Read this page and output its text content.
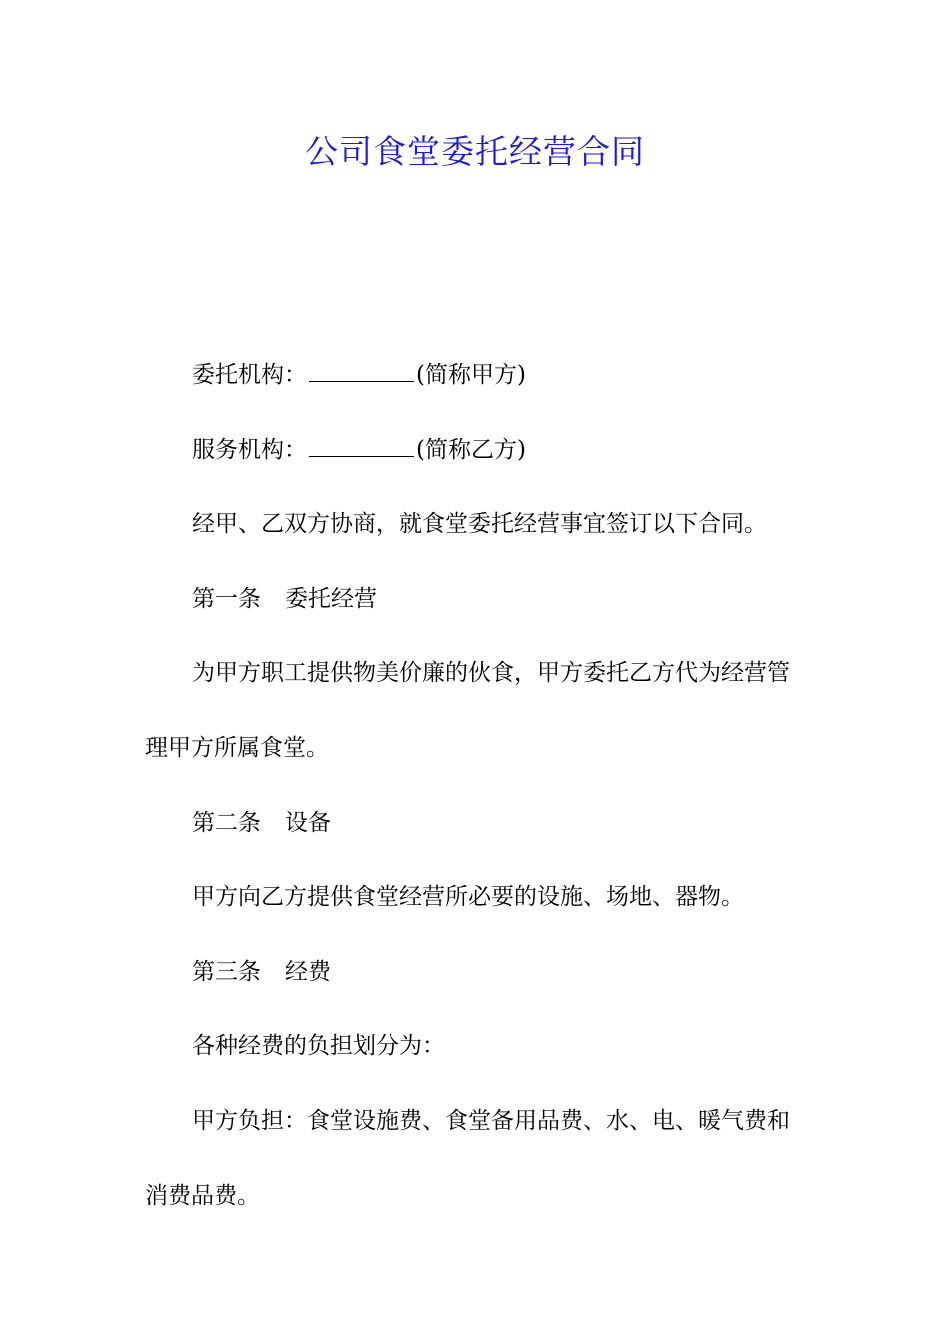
公司食堂委托经营合同

委托机构：	(简称甲方)

服务机构：	(简称乙方)

经甲、乙双方协商，就食堂委托经营事宜签订以下合同。

第一条 委托经营

为甲方职工提供物美价廉的伙食，甲方委托乙方代为经营管理甲方所属食堂。

第二条 设备

甲方向乙方提供食堂经营所必要的设施、场地、器物。

第三条 经费

各种经费的负担划分为：

甲方负担：食堂设施费、食堂备用品费、水、电、暖气费和消费品费。
